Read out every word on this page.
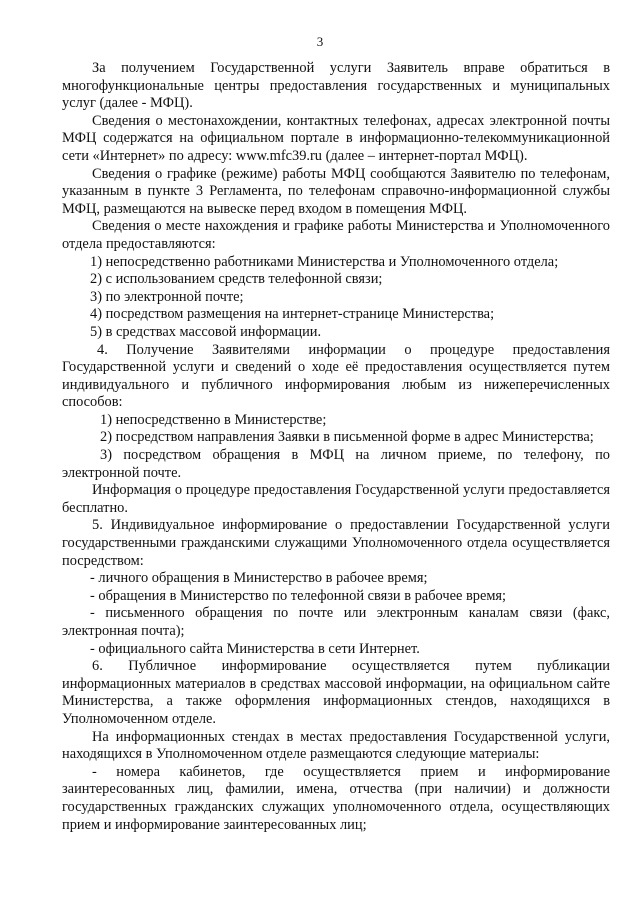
3

За получением Государственной услуги Заявитель вправе обратиться в многофункциональные центры предоставления государственных и муниципальных услуг (далее - МФЦ).

Сведения о местонахождении, контактных телефонах, адресах электронной почты МФЦ содержатся на официальном портале в информационно-телекоммуникационной сети «Интернет» по адресу: www.mfc39.ru (далее – интернет-портал МФЦ).

Сведения о графике (режиме) работы МФЦ сообщаются Заявителю по телефонам, указанным в пункте 3 Регламента, по телефонам справочно-информационной службы МФЦ, размещаются на вывеске перед входом в помещения МФЦ.

Сведения о месте нахождения и графике работы Министерства и Уполномоченного отдела предоставляются:

1) непосредственно работниками Министерства и Уполномоченного отдела;

2) с использованием средств телефонной связи;

3) по электронной почте;

4) посредством размещения на интернет-странице Министерства;

5) в средствах массовой информации.

4. Получение Заявителями информации о процедуре предоставления Государственной услуги и сведений о ходе её предоставления осуществляется путем индивидуального и публичного информирования любым из нижеперечисленных способов:

1) непосредственно в Министерстве;

2) посредством направления Заявки в письменной форме в адрес Министерства;

3) посредством обращения в МФЦ на личном приеме, по телефону, по электронной почте.

Информация о процедуре предоставления Государственной услуги предоставляется бесплатно.

5. Индивидуальное информирование о предоставлении Государственной услуги государственными гражданскими служащими Уполномоченного отдела осуществляется посредством:

- личного обращения в Министерство в рабочее время;

- обращения в Министерство по телефонной связи в рабочее время;

- письменного обращения по почте или электронным каналам связи (факс, электронная почта);

- официального сайта Министерства в сети Интернет.

6. Публичное информирование осуществляется путем публикации информационных материалов в средствах массовой информации, на официальном сайте Министерства, а также оформления информационных стендов, находящихся в Уполномоченном отделе.

На информационных стендах в местах предоставления Государственной услуги, находящихся в Уполномоченном отделе размещаются следующие материалы:

- номера кабинетов, где осуществляется прием и информирование заинтересованных лиц, фамилии, имена, отчества (при наличии) и должности государственных гражданских служащих уполномоченного отдела, осуществляющих прием и информирование заинтересованных лиц;
